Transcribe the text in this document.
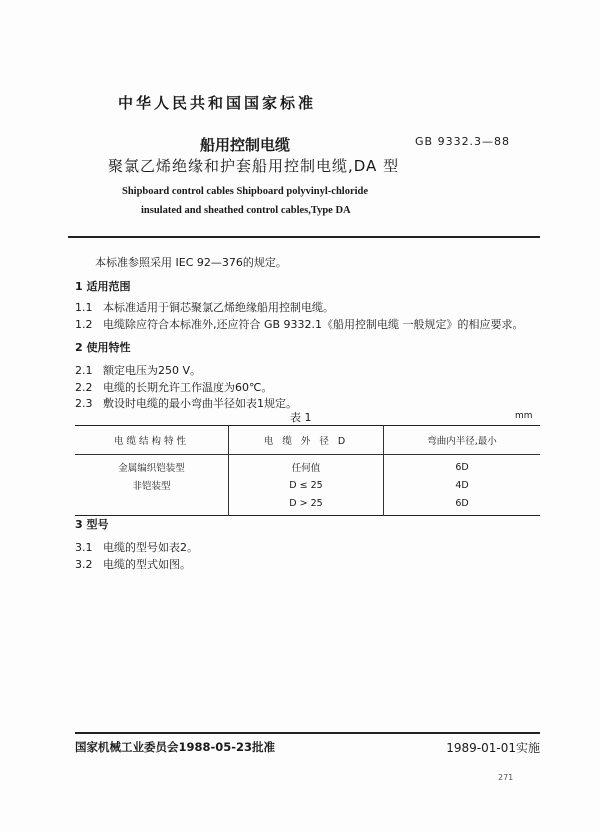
中华人民共和国国家标准
船用控制电缆	GB 9332.3—88
聚氯乙烯绝缘和护套船用控制电缆,DA 型
Shipboard control cables Shipboard polyvinyl-chloride
insulated and sheathed control cables,Type DA
本标准参照采用 IEC 92—376的规定。
1 适用范围
1.1 本标准适用于铜芯聚氯乙烯绝缘船用控制电缆。
1.2 电缆除应符合本标准外,还应符合 GB 9332.1《船用控制电缆 一般规定》的相应要求。
2 使用特性
2.1 额定电压为250 V。
2.2 电缆的长期允许工作温度为60℃。
2.3 敷设时电缆的最小弯曲半径如表1规定。
表 1	mm
电缆结构特性	电 缆 外 径 D	弯曲内半径,最小
金属编织铠装型	任何值	6D
非铠装型	D ≤ 25	4D
	D > 25	6D
3 型号
3.1 电缆的型号如表2。
3.2 电缆的型式如图。
国家机械工业委员会1988-05-23批准	1989-01-01实施
271
